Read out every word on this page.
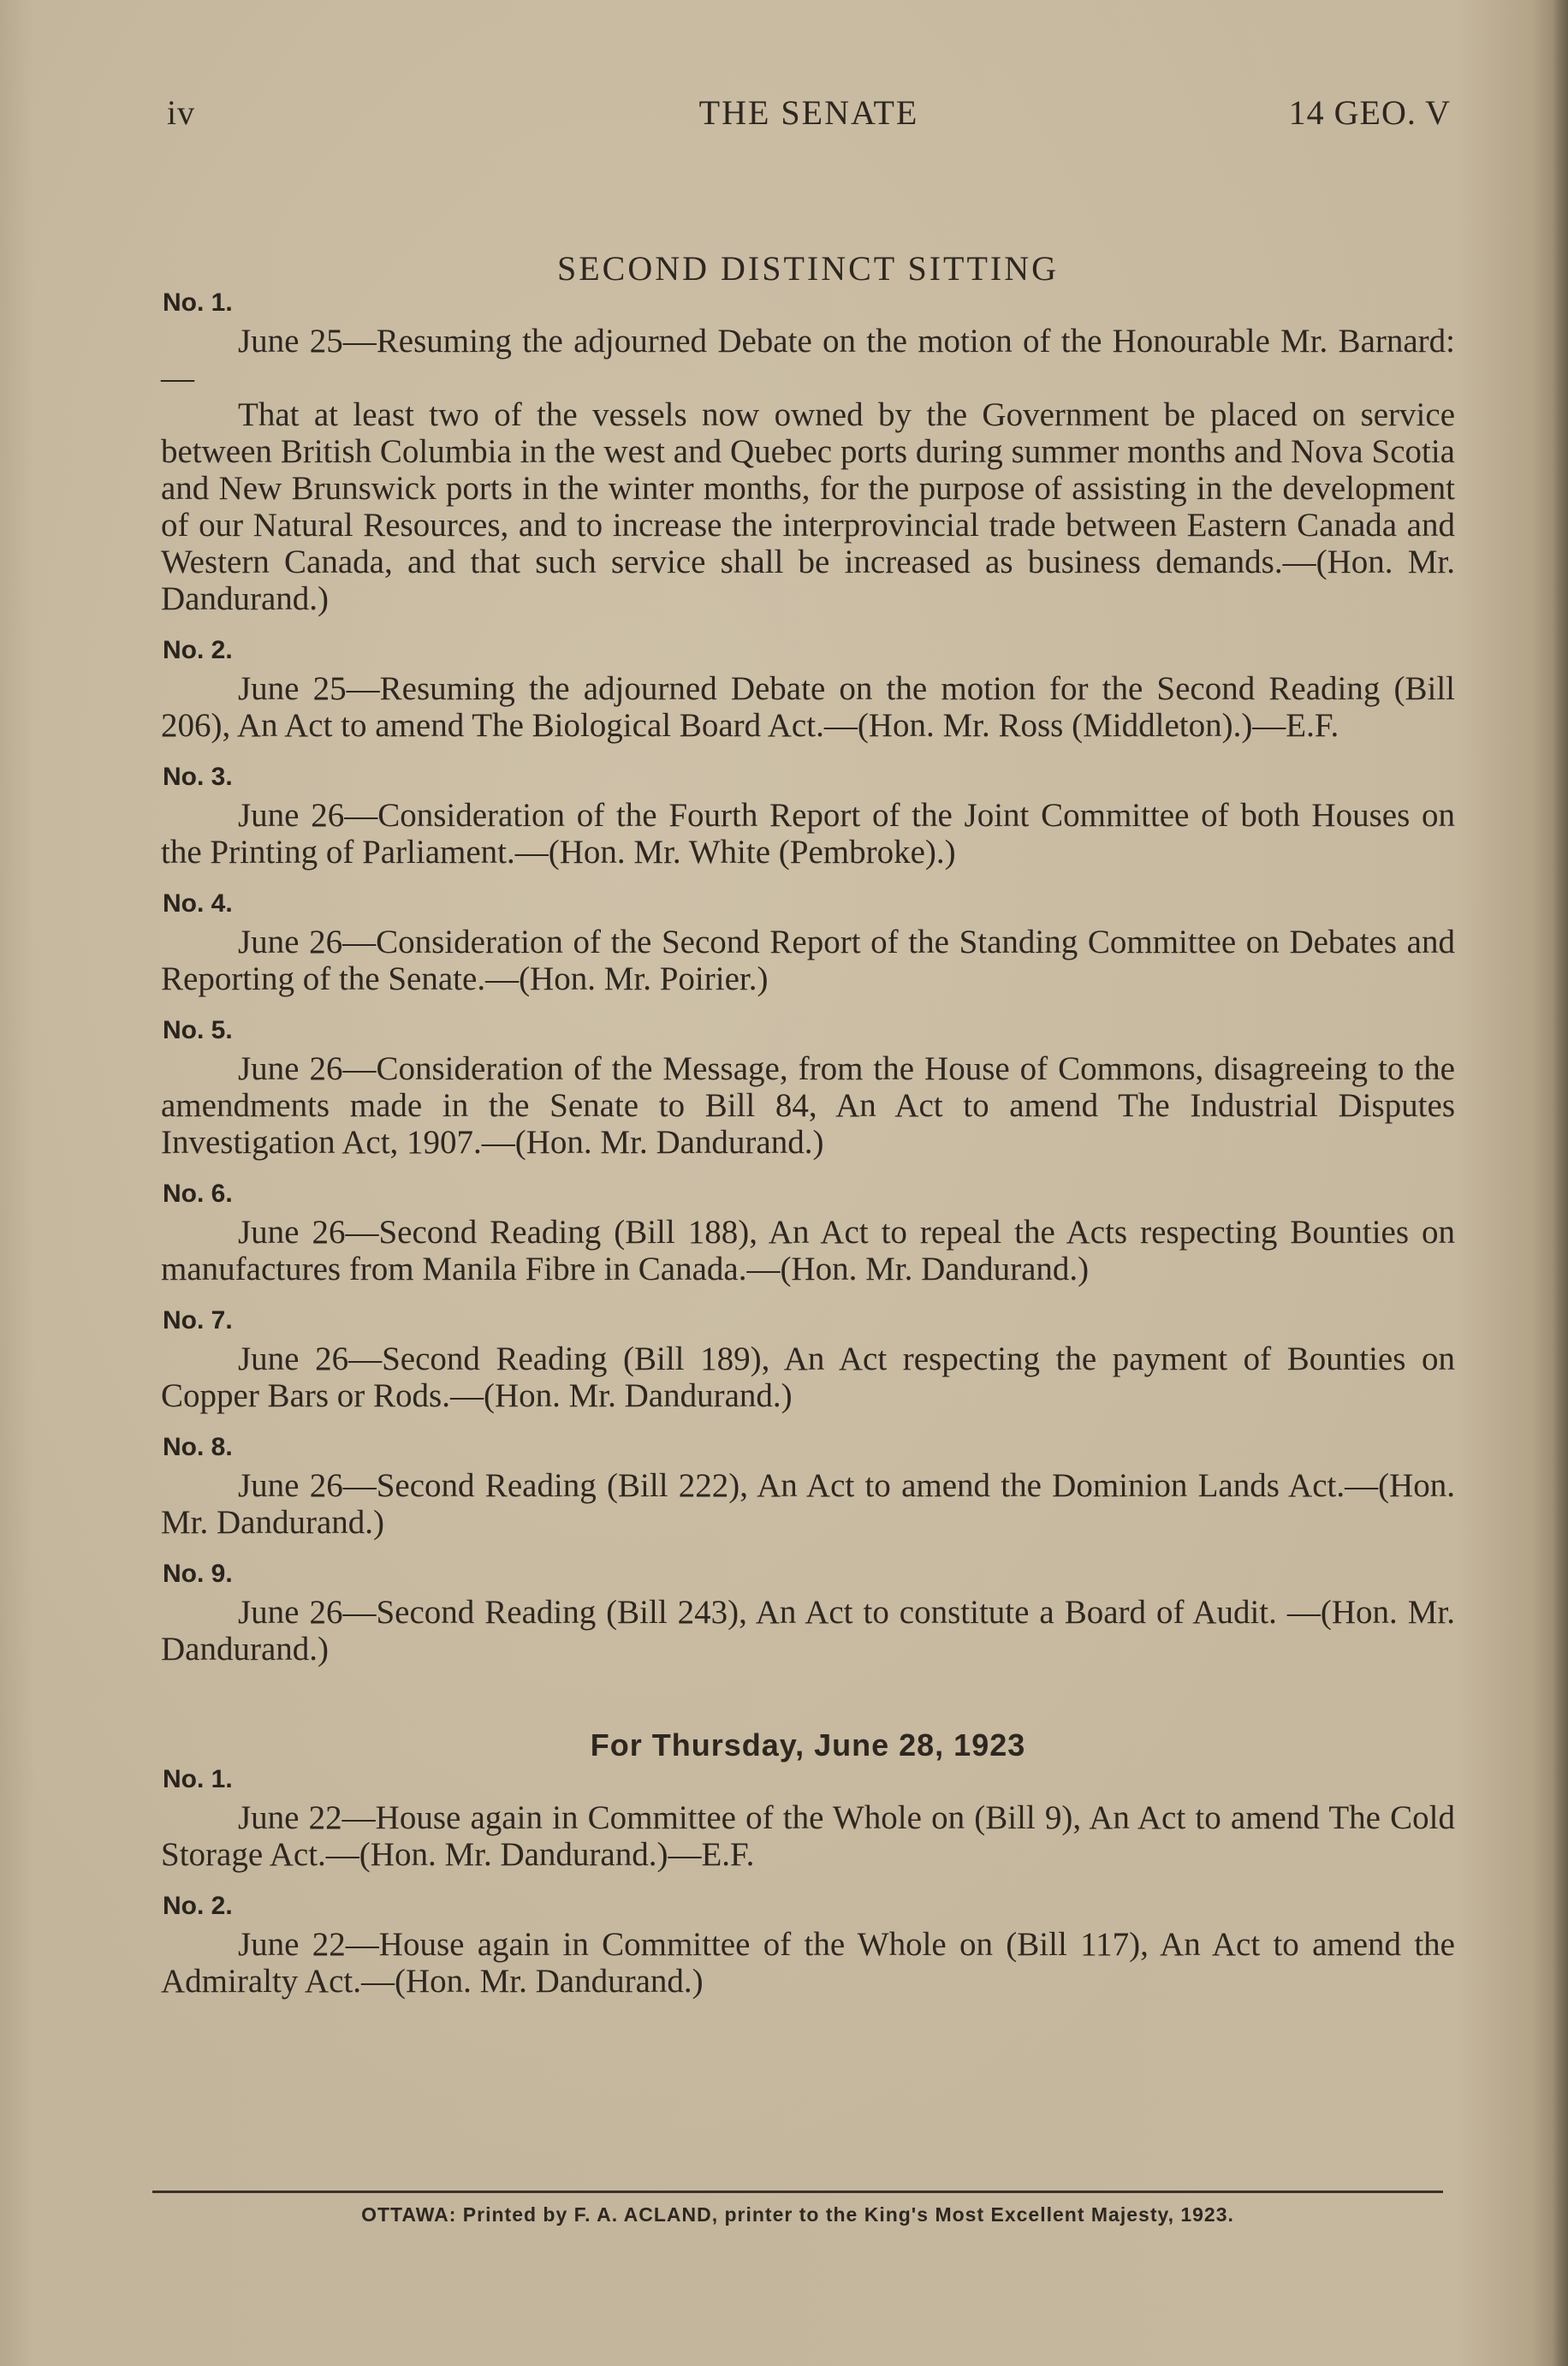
iv	THE SENATE	14 GEO. V
SECOND DISTINCT SITTING
No. 1.

June 25—Resuming the adjourned Debate on the motion of the Honourable Mr. Barnard:—

That at least two of the vessels now owned by the Government be placed on service between British Columbia in the west and Quebec ports during summer months and Nova Scotia and New Brunswick ports in the winter months, for the purpose of assisting in the development of our Natural Resources, and to increase the interprovincial trade between Eastern Canada and Western Canada, and that such service shall be increased as business demands.—(Hon. Mr. Dandurand.)

No. 2.

June 25—Resuming the adjourned Debate on the motion for the Second Reading (Bill 206), An Act to amend The Biological Board Act.—(Hon. Mr. Ross (Middleton).)—E.F.

No. 3.

June 26—Consideration of the Fourth Report of the Joint Committee of both Houses on the Printing of Parliament.—(Hon. Mr. White (Pembroke).)

No. 4.

June 26—Consideration of the Second Report of the Standing Committee on Debates and Reporting of the Senate.—(Hon. Mr. Poirier.)

No. 5.

June 26—Consideration of the Message, from the House of Commons, disagreeing to the amendments made in the Senate to Bill 84, An Act to amend The Industrial Disputes Investigation Act, 1907.—(Hon. Mr. Dandurand.)

No. 6.

June 26—Second Reading (Bill 188), An Act to repeal the Acts respecting Bounties on manufactures from Manila Fibre in Canada.—(Hon. Mr. Dandurand.)

No. 7.

June 26—Second Reading (Bill 189), An Act respecting the payment of Bounties on Copper Bars or Rods.—(Hon. Mr. Dandurand.)

No. 8.

June 26—Second Reading (Bill 222), An Act to amend the Dominion Lands Act.—(Hon. Mr. Dandurand.)

No. 9.

June 26—Second Reading (Bill 243), An Act to constitute a Board of Audit. —(Hon. Mr. Dandurand.)

For Thursday, June 28, 1923
No. 1.

June 22—House again in Committee of the Whole on (Bill 9), An Act to amend The Cold Storage Act.—(Hon. Mr. Dandurand.)—E.F.

No. 2.

June 22—House again in Committee of the Whole on (Bill 117), An Act to amend the Admiralty Act.—(Hon. Mr. Dandurand.)

OTTAWA: Printed by F. A. ACLAND, printer to the King's Most Excellent Majesty, 1923.
